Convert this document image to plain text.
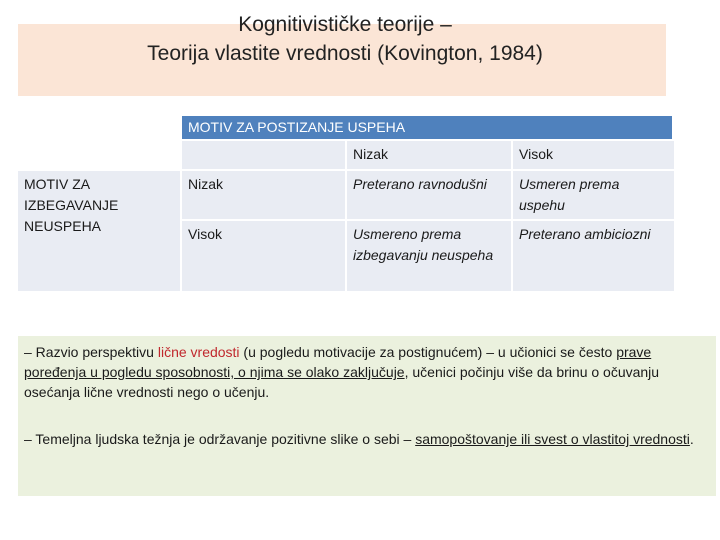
Kognitivističke teorije –
Teorija vlastite vrednosti (Kovington, 1984)
	MOTIV ZA POSTIZANJE USPEHA		
		Nizak	Visok
MOTIV ZA IZBEGAVANJE NEUSPEHA	Nizak	Preterano ravnodušni	Usmeren prema uspehu
	Visok	Usmereno prema izbegavanju neuspeha	Preterano ambiciozni
– Razvio perspektivu lične vredosti (u pogledu motivacije za postignućem) – u učionici se često prave poređenja u pogledu sposobnosti, o njima se olako zaključuje, učenici počinju više da brinu o očuvanju osećanja lične vrednosti nego o učenju.
– Temeljna ljudska težnja je održavanje pozitivne slike o sebi – samopoštovanje ili svest o vlastitoj vrednosti.
